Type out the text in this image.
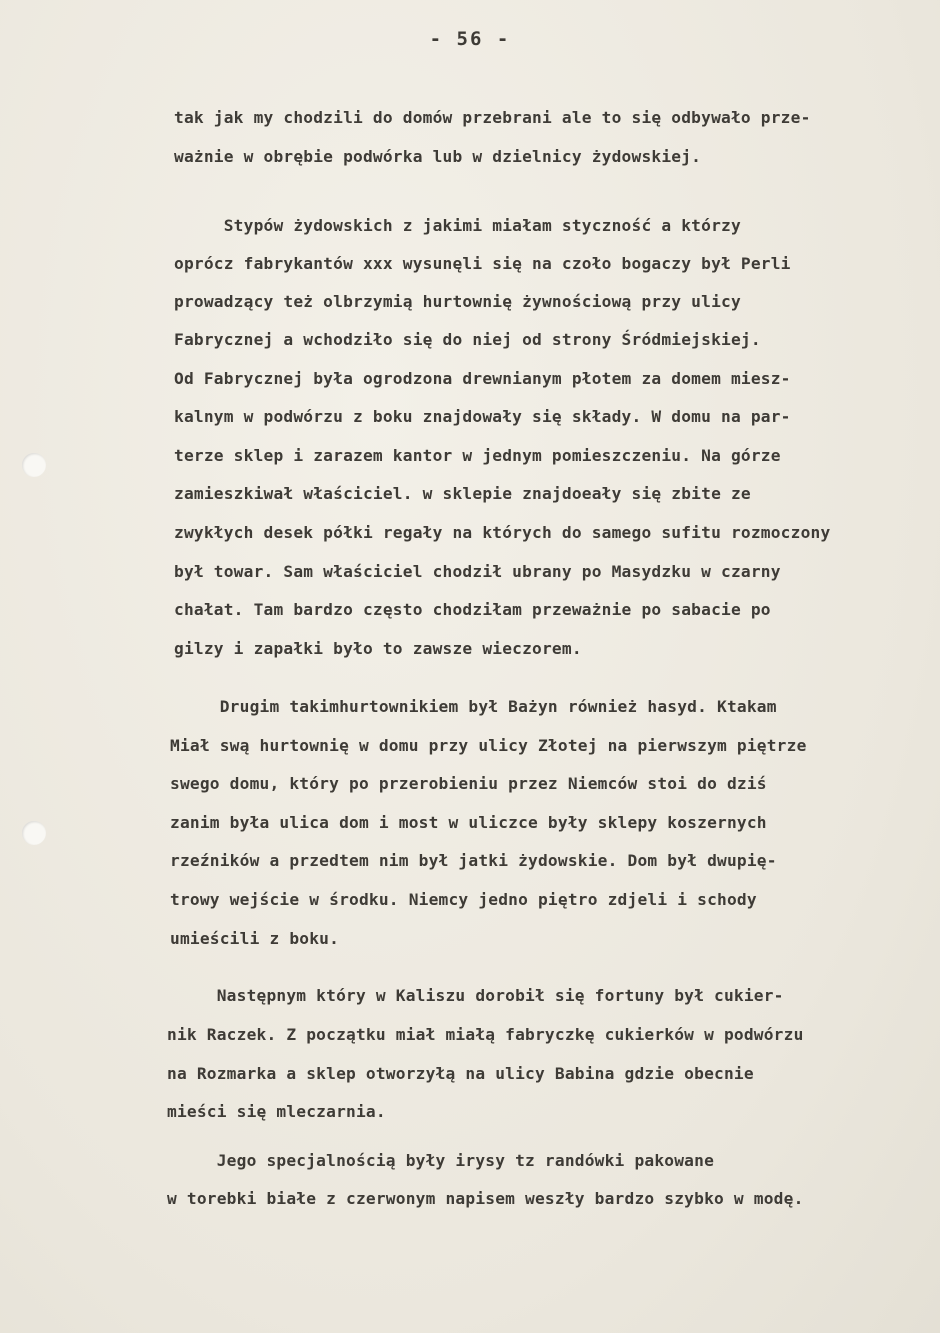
- 56 -
tak jak my chodzili do domów przebrani ale to się odbywało prze-
ważnie w obrębie podwórka lub w dzielnicy żydowskiej.
Stypów żydowskich z jakimi miałam styczność a którzy
oprócz fabrykantów xxx wysunęli się na czoło bogaczy był Perli
prowadzący też olbrzymią hurtownię żywnościową przy ulicy
Fabrycznej a wchodziło się do niej od strony Śródmiejskiej.
Od Fabrycznej była ogrodzona drewnianym płotem za domem miesz-
kalnym w podwórzu z boku znajdowały się składy. W domu na par-
terze sklep i zarazem kantor w jednym pomieszczeniu. Na górze
zamieszkiwał właściciel. w sklepie znajdoeały się zbite ze
zwykłych desek półki regały na których do samego sufitu rozmoczony
był towar. Sam właściciel chodził ubrany po Masydzku w czarny
chałat. Tam bardzo często chodziłam przeważnie po sabacie po
gilzy i zapałki było to zawsze wieczorem.
Drugim takimhurtownikiem był Bażyn również hasyd. Ktakam
Miał swą hurtownię w domu przy ulicy Złotej na pierwszym piętrze
swego domu, który po przerobieniu przez Niemców stoi do dziś
zanim była ulica dom i most w uliczce były sklepy koszernych
rzeźników a przedtem nim był jatki żydowskie. Dom był dwupię-
trowy wejście w środku. Niemcy jedno piętro zdjeli i schody
umieścili z boku.
Następnym który w Kaliszu dorobił się fortuny był cukier-
nik Raczek. Z początku miał miałą fabryczkę cukierków w podwórzu
na Rozmarka a sklep otworzyłą na ulicy Babina gdzie obecnie
mieści się mleczarnia.
Jego specjalnością były irysy tz randówki pakowane
w torebki białe z czerwonym napisem weszły bardzo szybko w modę.
